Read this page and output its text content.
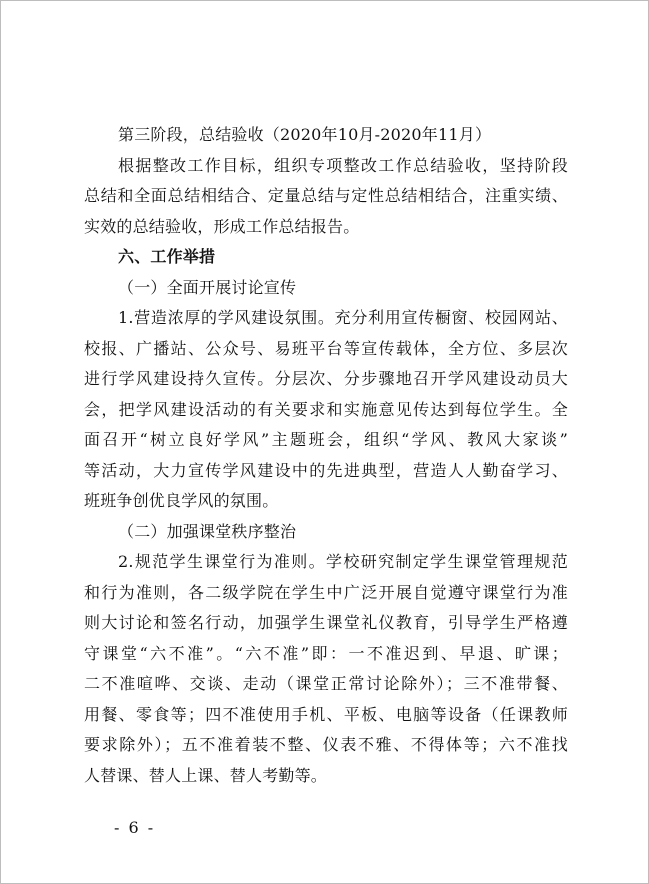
第三阶段，总结验收（2020年10月-2020年11月）
根据整改工作目标，组织专项整改工作总结验收，坚持阶段
总结和全面总结相结合、定量总结与定性总结相结合，注重实绩、
实效的总结验收，形成工作总结报告。
六、工作举措
（一）全面开展讨论宣传
1.营造浓厚的学风建设氛围。充分利用宣传橱窗、校园网站、
校报、广播站、公众号、易班平台等宣传载体，全方位、多层次
进行学风建设持久宣传。分层次、分步骤地召开学风建设动员大
会，把学风建设活动的有关要求和实施意见传达到每位学生。全
面召开“树立良好学风”主题班会，组织“学风、教风大家谈”
等活动，大力宣传学风建设中的先进典型，营造人人勤奋学习、
班班争创优良学风的氛围。
（二）加强课堂秩序整治
2.规范学生课堂行为准则。学校研究制定学生课堂管理规范
和行为准则，各二级学院在学生中广泛开展自觉遵守课堂行为准
则大讨论和签名行动，加强学生课堂礼仪教育，引导学生严格遵
守课堂“六不准”。“六不准”即：一不准迟到、早退、旷课；
二不准喧哗、交谈、走动（课堂正常讨论除外）；三不准带餐、
用餐、零食等；四不准使用手机、平板、电脑等设备（任课教师
要求除外）；五不准着装不整、仪表不雅、不得体等；六不准找
人替课、替人上课、替人考勤等。
- 6 -
